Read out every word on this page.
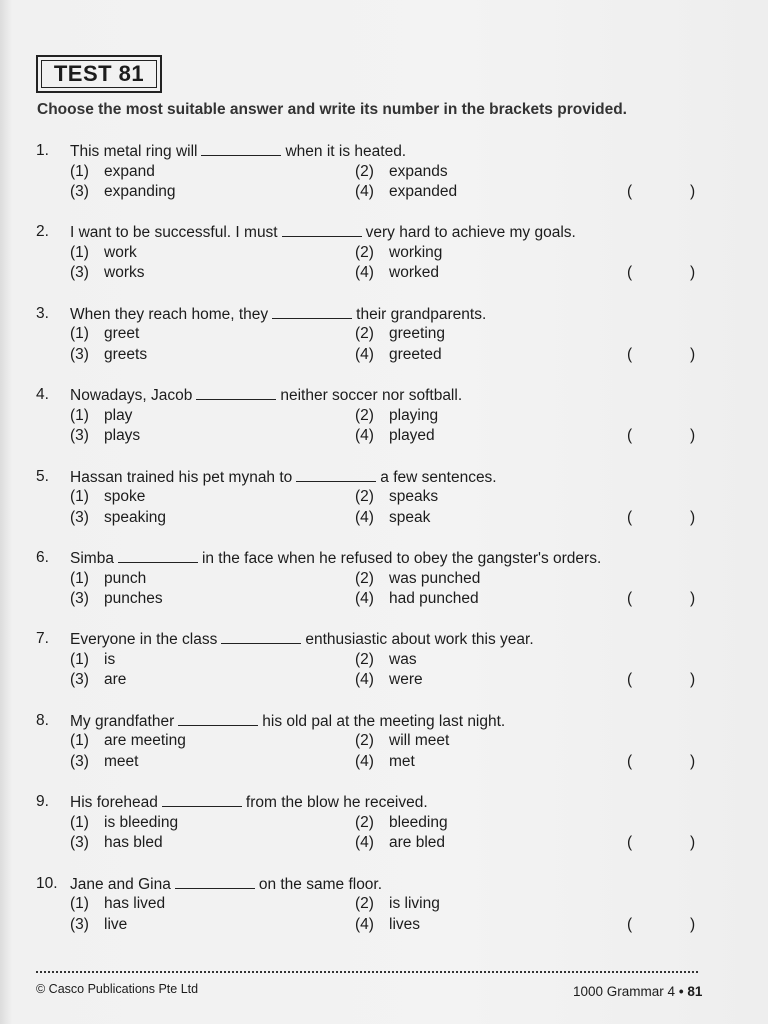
TEST 81
Choose the most suitable answer and write its number in the brackets provided.
1. This metal ring will	when it is heated.
(1) expand	(2) expands
(3) expanding	(4) expanded	(	)
2. I want to be successful. I must	very hard to achieve my goals.
(1) work	(2) working
(3) works	(4) worked	(	)
3. When they reach home, they	their grandparents.
(1) greet	(2) greeting
(3) greets	(4) greeted	(	)
4. Nowadays, Jacob	neither soccer nor softball.
(1) play	(2) playing
(3) plays	(4) played	(	)
5. Hassan trained his pet mynah to	a few sentences.
(1) spoke	(2) speaks
(3) speaking	(4) speak	(	)
6. Simba	in the face when he refused to obey the gangster's orders.
(1) punch	(2) was punched
(3) punches	(4) had punched	(	)
7. Everyone in the class	enthusiastic about work this year.
(1) is	(2) was
(3) are	(4) were	(	)
8. My grandfather	his old pal at the meeting last night.
(1) are meeting	(2) will meet
(3) meet	(4) met	(	)
9. His forehead	from the blow he received.
(1) is bleeding	(2) bleeding
(3) has bled	(4) are bled	(	)
10. Jane and Gina	on the same floor.
(1) has lived	(2) is living
(3) live	(4) lives	(	)
© Casco Publications Pte Ltd	1000 Grammar 4 • 81
